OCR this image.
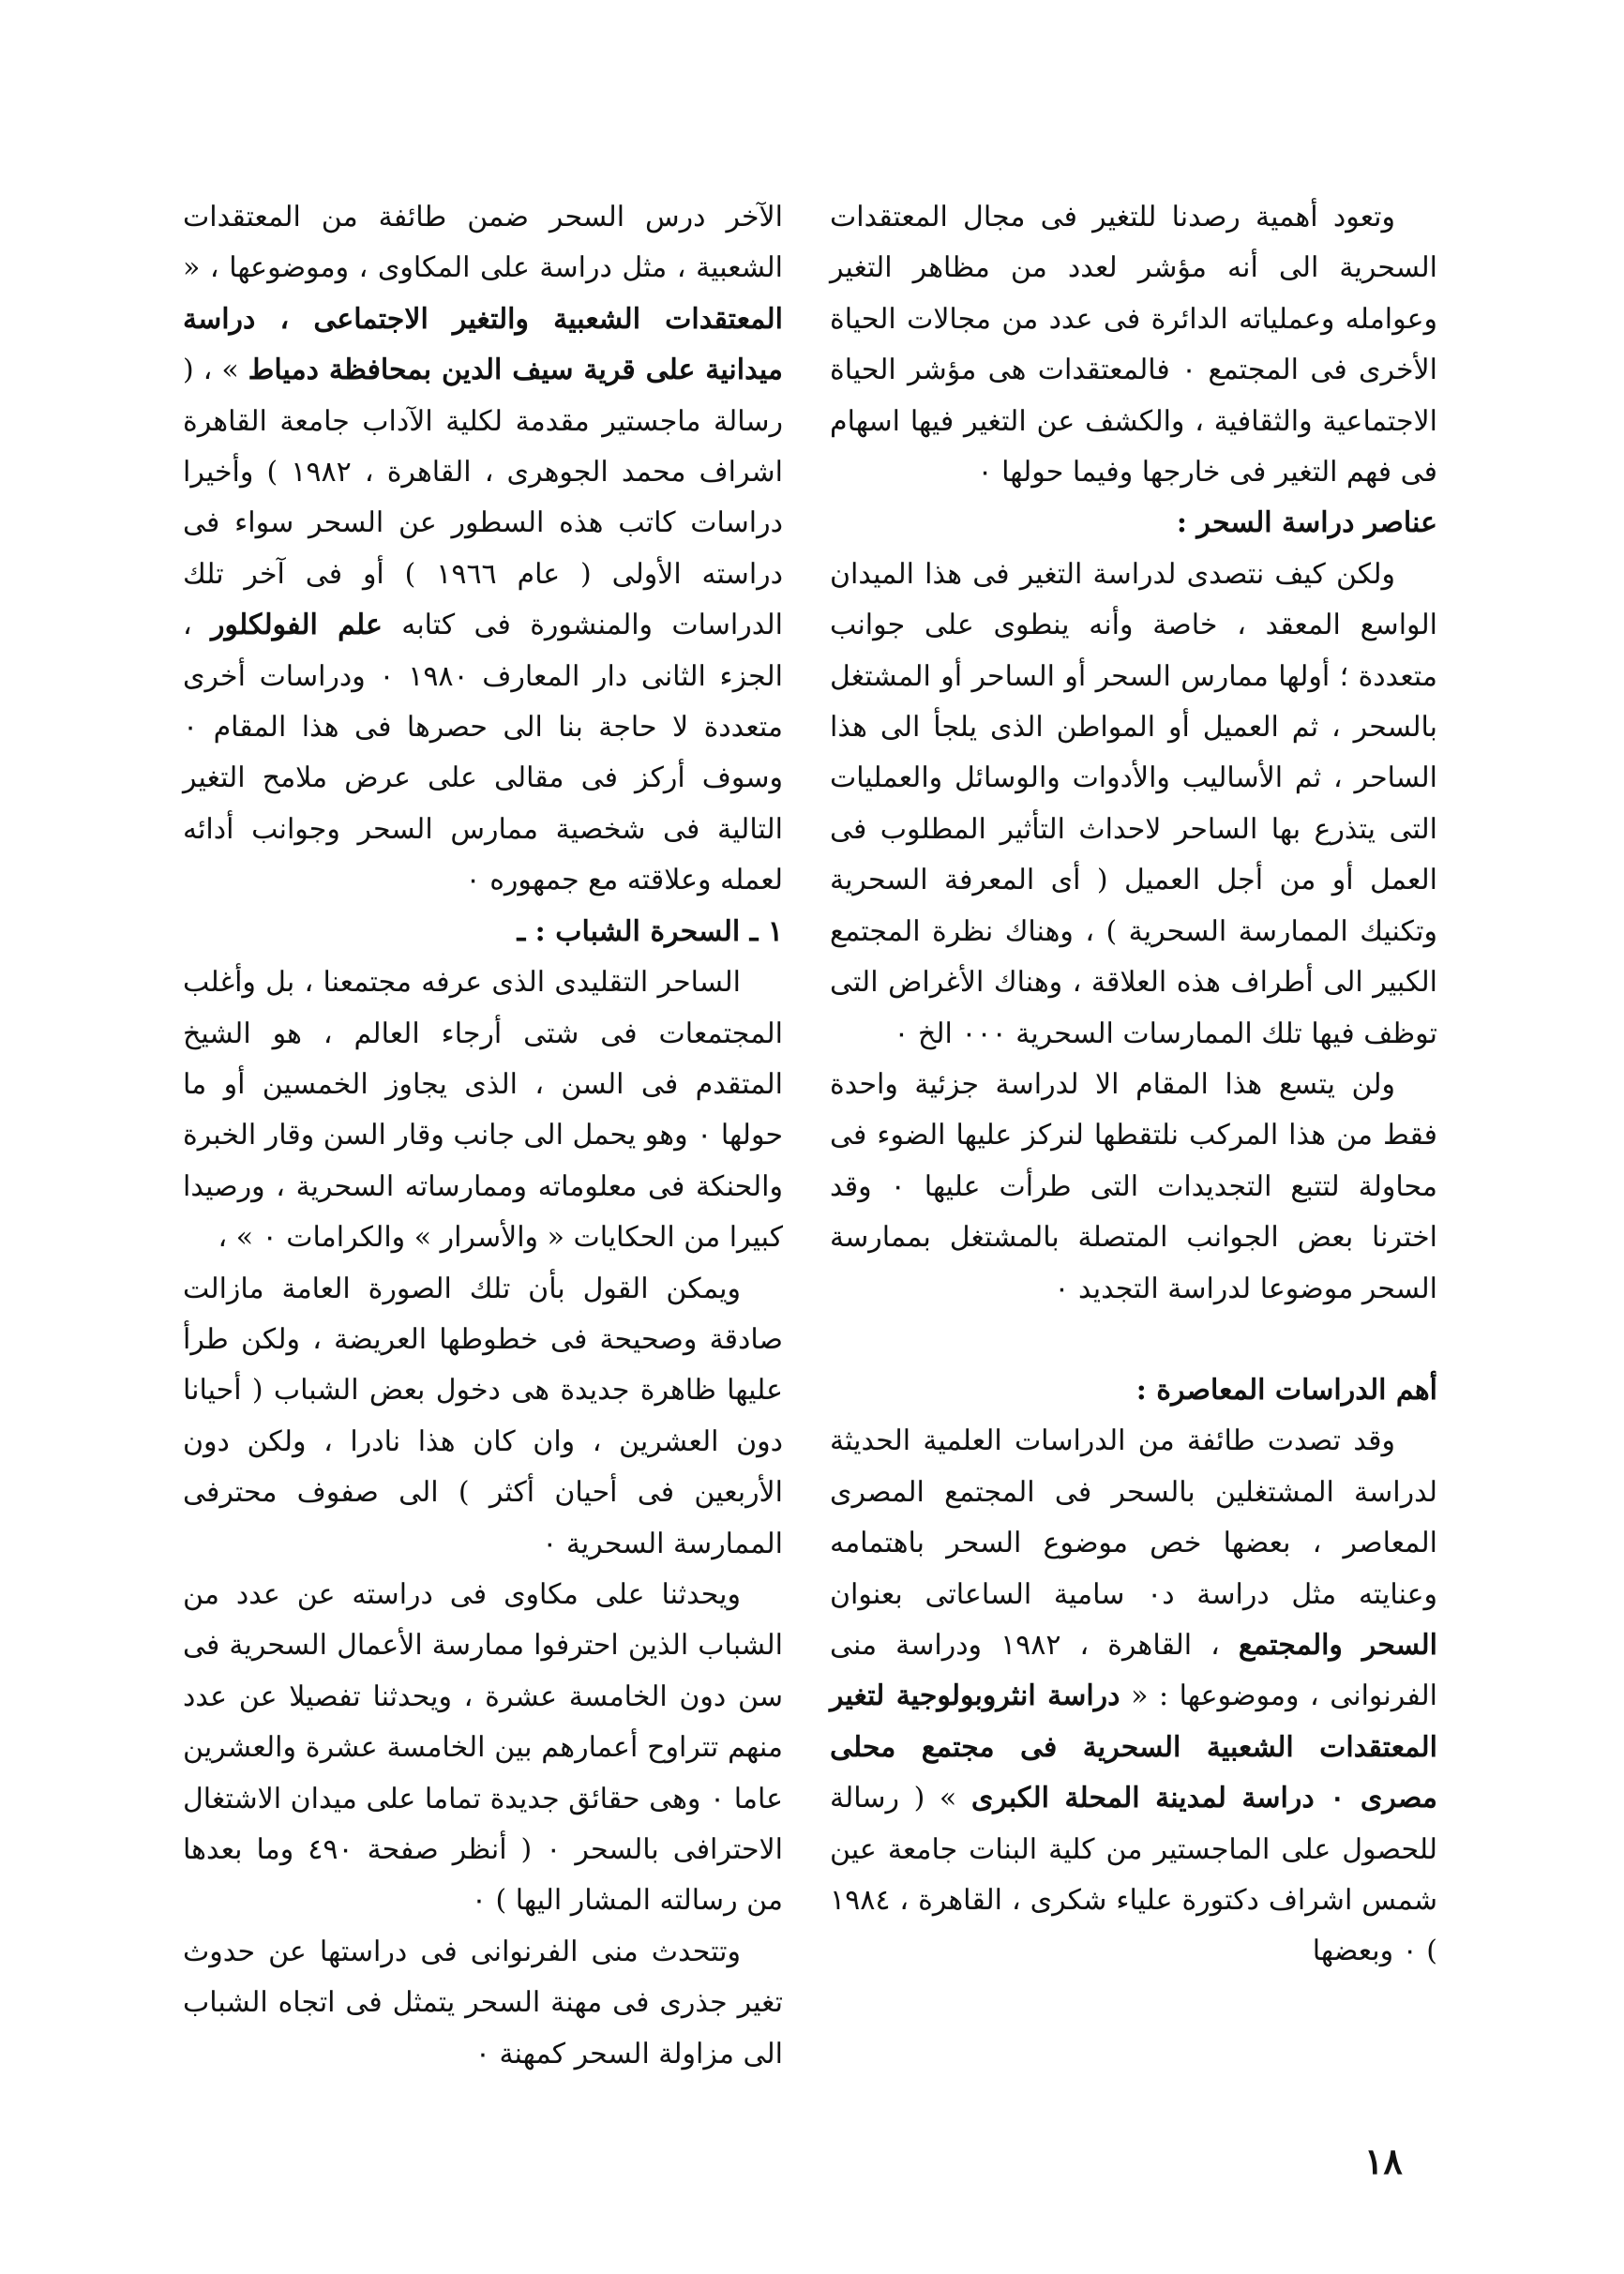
وتعود أهمية رصدنا للتغير فى مجال المعتقدات السحرية الى أنه مؤشر لعدد من مظاهر التغير وعوامله وعملياته الدائرة فى عدد من مجالات الحياة الأخرى فى المجتمع ٠ فالمعتقدات هى مؤشر الحياة الاجتماعية والثقافية ، والكشف عن التغير فيها اسهام فى فهم التغير فى خارجها وفيما حولها ٠

عناصر دراسة السحر :

ولكن كيف نتصدى لدراسة التغير فى هذا الميدان الواسع المعقد ، خاصة وأنه ينطوى على جوانب متعددة ؛ أولها ممارس السحر أو الساحر أو المشتغل بالسحر ، ثم العميل أو المواطن الذى يلجأ الى هذا الساحر ، ثم الأساليب والأدوات والوسائل والعمليات التى يتذرع بها الساحر لاحداث التأثير المطلوب فى العمل أو من أجل العميل ( أى المعرفة السحرية وتكنيك الممارسة السحرية ) ، وهناك نظرة المجتمع الكبير الى أطراف هذه العلاقة ، وهناك الأغراض التى توظف فيها تلك الممارسات السحرية ٠٠٠ الخ ٠

ولن يتسع هذا المقام الا لدراسة جزئية واحدة فقط من هذا المركب نلتقطها لنركز عليها الضوء فى محاولة لتتبع التجديدات التى طرأت عليها ٠ وقد اخترنا بعض الجوانب المتصلة بالمشتغل بممارسة السحر موضوعا لدراسة التجديد ٠

أهم الدراسات المعاصرة :

وقد تصدت طائفة من الدراسات العلمية الحديثة لدراسة المشتغلين بالسحر فى المجتمع المصرى المعاصر ، بعضها خص موضوع السحر باهتمامه وعنايته مثل دراسة د٠ سامية الساعاتى بعنوان السحر والمجتمع ، القاهرة ، ١٩٨٢ ودراسة منى الفرنوانى ، وموضوعها : « دراسة انثروبولوجية لتغير المعتقدات الشعبية السحرية فى مجتمع محلى مصرى ٠ دراسة لمدينة المحلة الكبرى » ( رسالة للحصول على الماجستير من كلية البنات جامعة عين شمس اشراف دكتورة علياء شكرى ، القاهرة ، ١٩٨٤ ) ٠ وبعضها

الآخر درس السحر ضمن طائفة من المعتقدات الشعبية ، مثل دراسة على المكاوى ، وموضوعها ، « المعتقدات الشعبية والتغير الاجتماعى ، دراسة ميدانية على قرية سيف الدين بمحافظة دمياط » ، ( رسالة ماجستير مقدمة لكلية الآداب جامعة القاهرة اشراف محمد الجوهرى ، القاهرة ، ١٩٨٢ ) وأخيرا دراسات كاتب هذه السطور عن السحر سواء فى دراسته الأولى ( عام ١٩٦٦ ) أو فى آخر تلك الدراسات والمنشورة فى كتابه علم الفولكلور ، الجزء الثانى دار المعارف ١٩٨٠ ٠ ودراسات أخرى متعددة لا حاجة بنا الى حصرها فى هذا المقام ٠ وسوف أركز فى مقالى على عرض ملامح التغير التالية فى شخصية ممارس السحر وجوانب أدائه لعمله وعلاقته مع جمهوره ٠

١ ـ السحرة الشباب : ـ

الساحر التقليدى الذى عرفه مجتمعنا ، بل وأغلب المجتمعات فى شتى أرجاء العالم ، هو الشيخ المتقدم فى السن ، الذى يجاوز الخمسين أو ما حولها ٠ وهو يحمل الى جانب وقار السن وقار الخبرة والحنكة فى معلوماته وممارساته السحرية ، ورصيدا كبيرا من الحكايات « والأسرار » والكرامات ٠ » ،

ويمكن القول بأن تلك الصورة العامة مازالت صادقة وصحيحة فى خطوطها العريضة ، ولكن طرأ عليها ظاهرة جديدة هى دخول بعض الشباب ( أحيانا دون العشرين ، وان كان هذا نادرا ، ولكن دون الأربعين فى أحيان أكثر ) الى صفوف محترفى الممارسة السحرية ٠

ويحدثنا على مكاوى فى دراسته عن عدد من الشباب الذين احترفوا ممارسة الأعمال السحرية فى سن دون الخامسة عشرة ، ويحدثنا تفصيلا عن عدد منهم تتراوح أعمارهم بين الخامسة عشرة والعشرين عاما ٠ وهى حقائق جديدة تماما على ميدان الاشتغال الاحترافى بالسحر ٠ ( أنظر صفحة ٤٩٠ وما بعدها من رسالته المشار اليها ) ٠

وتتحدث منى الفرنوانى فى دراستها عن حدوث تغير جذرى فى مهنة السحر يتمثل فى اتجاه الشباب الى مزاولة السحر كمهنة ٠

١٨
